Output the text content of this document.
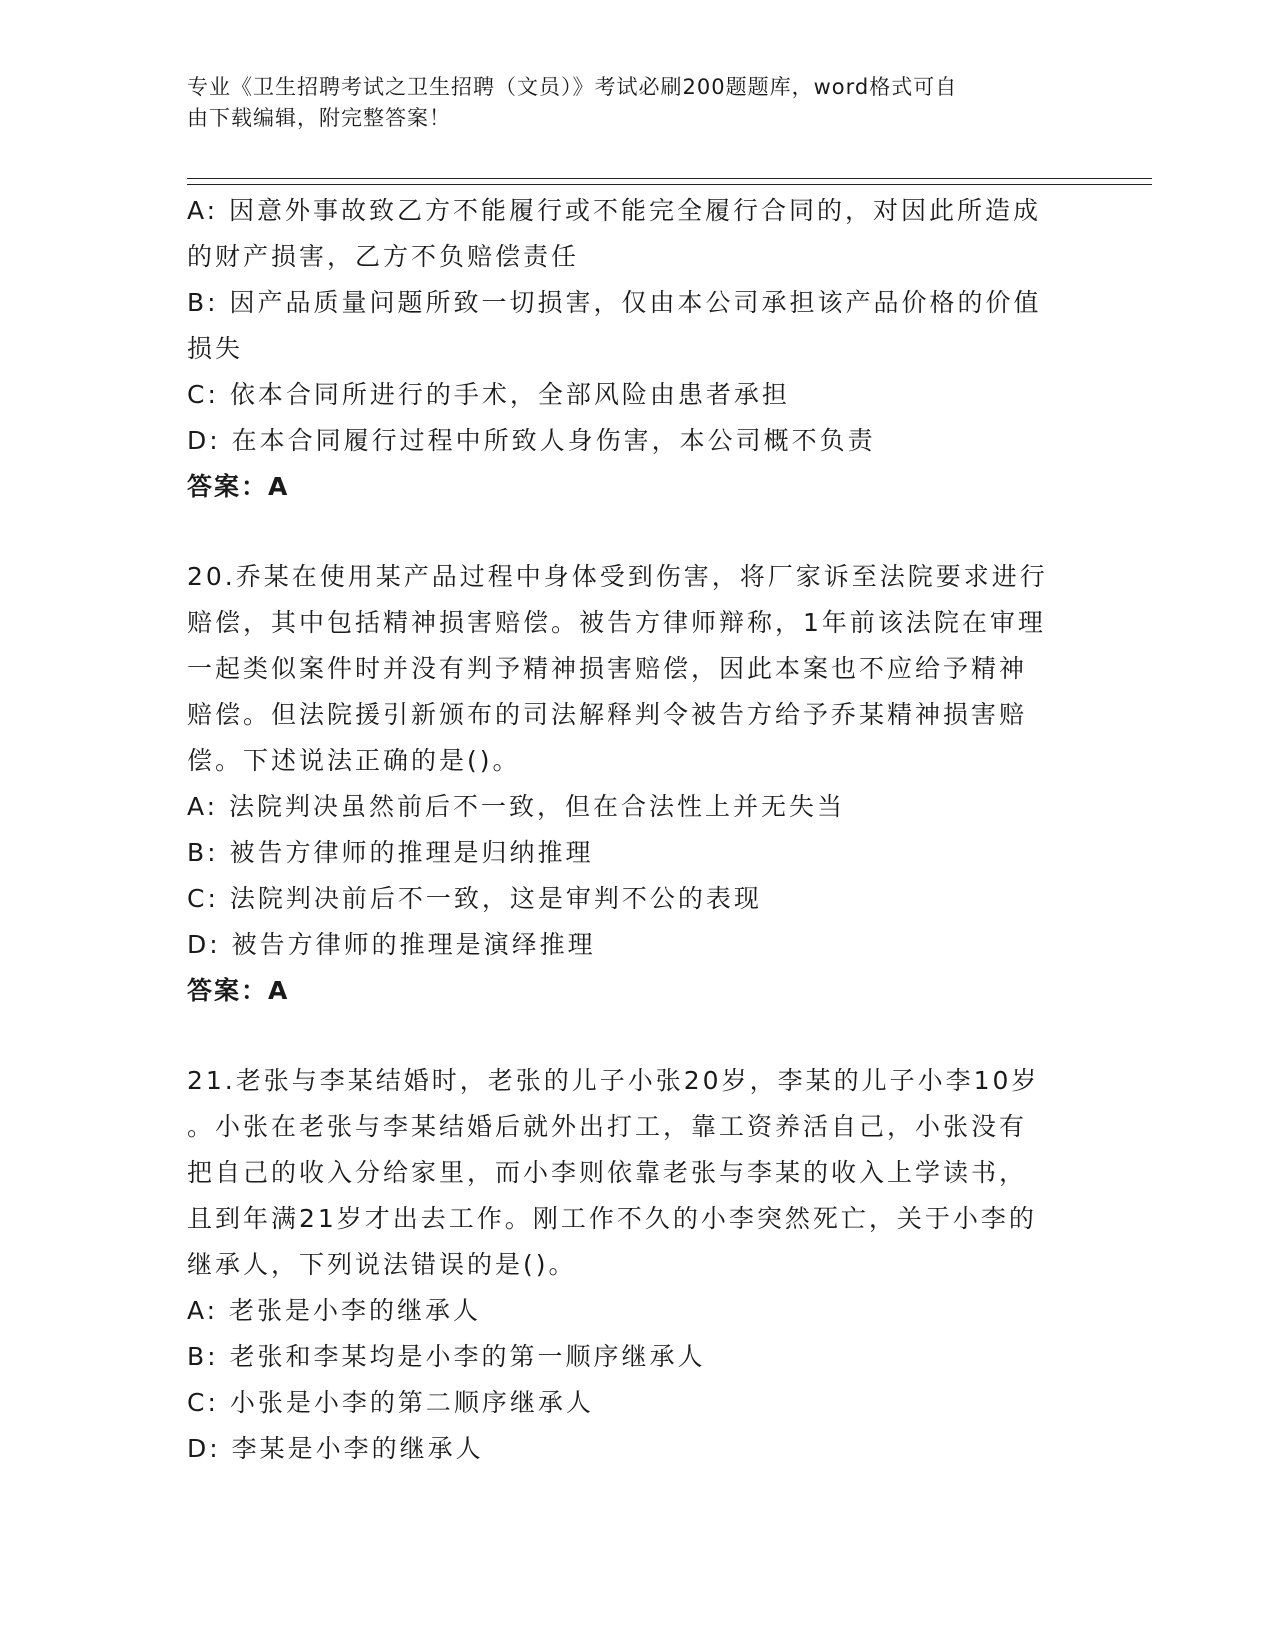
专业《卫生招聘考试之卫生招聘（文员）》考试必刷200题题库，word格式可自
由下载编辑，附完整答案！
A: 因意外事故致乙方不能履行或不能完全履行合同的，对因此所造成
的财产损害，乙方不负赔偿责任
B: 因产品质量问题所致一切损害，仅由本公司承担该产品价格的价值
损失
C: 依本合同所进行的手术，全部风险由患者承担
D: 在本合同履行过程中所致人身伤害，本公司概不负责
答案：A
20.乔某在使用某产品过程中身体受到伤害，将厂家诉至法院要求进行
赔偿，其中包括精神损害赔偿。被告方律师辩称，1年前该法院在审理
一起类似案件时并没有判予精神损害赔偿，因此本案也不应给予精神
赔偿。但法院援引新颁布的司法解释判令被告方给予乔某精神损害赔
偿。下述说法正确的是()。
A: 法院判决虽然前后不一致，但在合法性上并无失当
B: 被告方律师的推理是归纳推理
C: 法院判决前后不一致，这是审判不公的表现
D: 被告方律师的推理是演绎推理
答案：A
21.老张与李某结婚时，老张的儿子小张20岁，李某的儿子小李10岁
。小张在老张与李某结婚后就外出打工，靠工资养活自己，小张没有
把自己的收入分给家里，而小李则依靠老张与李某的收入上学读书，
且到年满21岁才出去工作。刚工作不久的小李突然死亡，关于小李的
继承人，下列说法错误的是()。
A: 老张是小李的继承人
B: 老张和李某均是小李的第一顺序继承人
C: 小张是小李的第二顺序继承人
D: 李某是小李的继承人
